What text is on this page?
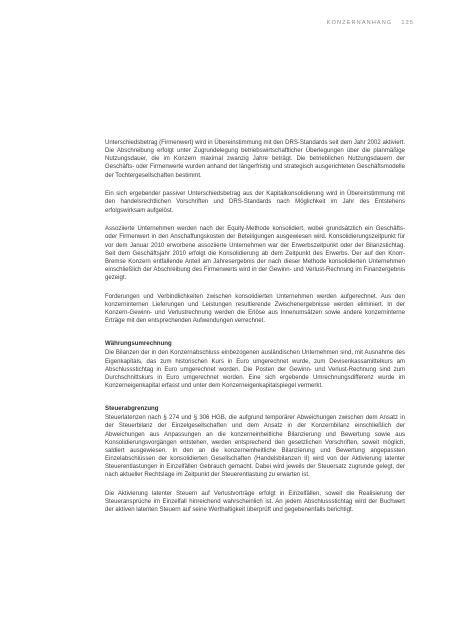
KONZERNANHANG 125

Unterschiedsbetrag (Firmenwert) wird in Übereinstimmung mit den DRS-Standards seit dem Jahr 2002 aktiviert. Die Abschreibung erfolgt unter Zugrundelegung betriebswirtschaftlicher Überlegungen über die planmäßige Nutzungsdauer, die im Konzern maximal zwanzig Jahre beträgt. Die betrieblichen Nutzungsdauern der Geschäfts- oder Firmenwerte wurden anhand der längerfristig und strategisch ausgerichteten Geschäftsmodelle der Tochtergesellschaften bestimmt.

Ein sich ergebender passiver Unterschiedsbetrag aus der Kapitalkonsolidierung wird in Übereinstimmung mit den handelsrechtlichen Vorschriften und DRS-Standards nach Möglichkeit im Jahr des Entstehens erfolgswirksam aufgelöst.

Assoziierte Unternehmen werden nach der Equity-Methode konsolidiert, wobei grundsätzlich ein Geschäfts- oder Firmenwert in den Anschaffungskosten der Beteiligungen ausgewiesen wird. Konsolidierungszeitpunkt für vor dem Januar 2010 erworbene assoziierte Unternehmen war der Erwerbszeitpunkt oder der Bilanzstichtag. Seit dem Geschäftsjahr 2010 erfolgt die Konsolidierung ab dem Zeitpunkt des Erwerbs. Der auf den Knorr-Bremse Konzern entfallende Anteil am Jahresergebnis der nach dieser Methode konsolidierten Unternehmen einschließlich der Abschreibung des Firmenwerts wird in der Gewinn- und Verlust-Rechnung im Finanzergebnis gezeigt.

Forderungen und Verbindlichkeiten zwischen konsolidierten Unternehmen werden aufgerechnet. Aus den konzerninternen Lieferungen und Leistungen resultierende Zwischenergebnisse werden eliminiert. In der Konzern-Gewinn- und Verlustrechnung werden die Erlöse aus Innenumsätzen sowie andere konzerninterne Erträge mit den entsprechenden Aufwendungen verrechnet.

Währungsumrechnung

Die Bilanzen der in den Konzernabschluss einbezogenen ausländischen Unternehmen sind, mit Ausnahme des Eigenkapitals, das zum historischen Kurs in Euro umgerechnet wurde, zum Devisenkassamittelkurs am Abschlussstichtag in Euro umgerechnet worden. Die Posten der Gewinn- und Verlust-Rechnung sind zum Durchschnittskurs in Euro umgerechnet worden. Eine sich ergebende Umrechnungsdifferenz wurde im Konzerneigenkapital erfasst und unter dem Konzerneigenkapitalspiegel vermerkt.

Steuerabgrenzung

Steuerlatenzen nach § 274 und § 306 HGB, die aufgrund temporärer Abweichungen zwischen dem Ansatz in der Steuerbilanz der Einzelgesellschaften und dem Ansatz in der Konzernbilanz einschließlich der Abweichungen aus Anpassungen an die konzerneinheitliche Bilanzierung und Bewertung sowie aus Konsolidierungsvorgängen entstehen, werden entsprechend den gesetzlichen Vorschriften, soweit möglich, saldiert ausgewiesen. In den an die konzerneinheitliche Bilanzierung und Bewertung angepassten Einzelabschlüssen der konsolidierten Gesellschaften (Handelsbilanzen II) wird von der Aktivierung latenter Steuerentlastungen in Einzelfällen Gebrauch gemacht. Dabei wird jeweils der Steuersatz zugrunde gelegt, der nach aktueller Rechtslage im Zeitpunkt der Steuerentlastung zu erwarten ist.

Die Aktivierung latenter Steuern auf Verlustvorträge erfolgt in Einzelfällen, soweit die Realisierung der Steueransprüche im Einzelfall hinreichend wahrscheinlich ist. An jedem Abschlussstichtag wird der Buchwert der aktiven latenten Steuern auf seine Werthaltigkeit überprüft und gegebenenfalls berichtigt.
